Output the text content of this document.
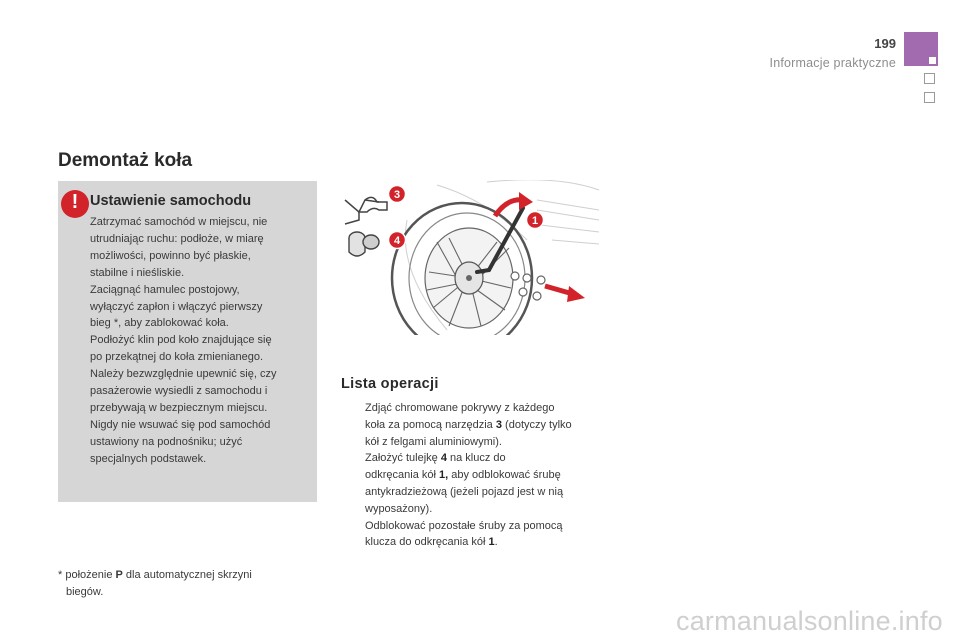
199
Informacje praktyczne
Demontaż koła
! Ustawienie samochodu
Zatrzymać samochód w miejscu, nie
utrudniając ruchu: podłoże, w miarę
możliwości, powinno być płaskie,
stabilne i nieśliskie.
Zaciągnąć hamulec postojowy,
wyłączyć zapłon i włączyć pierwszy
bieg *, aby zablokować koła.
Podłożyć klin pod koło znajdujące się
po przekątnej do koła zmienianego.
Należy bezwzględnie upewnić się, czy
pasażerowie wysiedli z samochodu i
przebywają w bezpiecznym miejscu.
Nigdy nie wsuwać się pod samochód
ustawiony na podnośniku; użyć
specjalnych podstawek.
3
4
1
Lista operacji
Zdjąć chromowane pokrywy z każdego
koła za pomocą narzędzia 3 (dotyczy tylko
kół z felgami aluminiowymi).
Założyć tulejkę 4 na klucz do
odkręcania kół 1, aby odblokować śrubę
antykradzieżową (jeżeli pojazd jest w nią
wyposażony).
Odblokować pozostałe śruby za pomocą
klucza do odkręcania kół 1.
* położenie P dla automatycznej skrzyni
biegów.
carmanualsonline.info
